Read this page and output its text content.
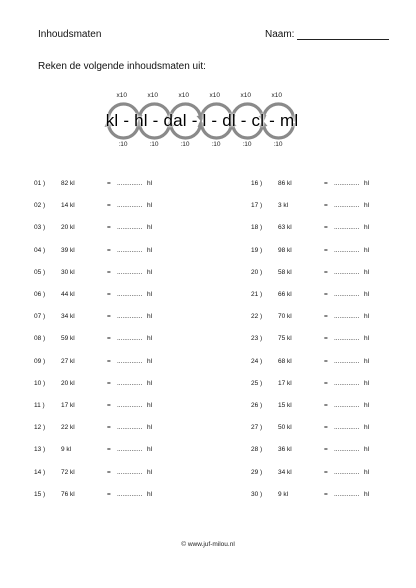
Inhoudsmaten	Naam:
Reken de volgende inhoudsmaten uit:
kl - hl - dal - l - dl - cl - ml
x10
:10
x10
:10
x10
:10
x10
:10
x10
:10
x10
:10
01 ) 82 kl	= .............. hl
02 ) 14 kl	= .............. hl
03 ) 20 kl	= .............. hl
04 ) 39 kl	= .............. hl
05 ) 30 kl	= .............. hl
06 ) 44 kl	= .............. hl
07 ) 34 kl	= .............. hl
08 ) 59 kl	= .............. hl
09 ) 27 kl	= .............. hl
10 ) 20 kl	= .............. hl
11 )	17 kl	= .............. hl
12 ) 22 kl	= .............. hl
13 ) 9 kl	= .............. hl
14 ) 72 kl	= .............. hl
15 ) 76 kl	= .............. hl
16 ) 86 kl	= .............. hl
17 ) 3 kl	= .............. hl
18 ) 63 kl	= .............. hl
19 ) 98 kl	= .............. hl
20 ) 58 kl	= .............. hl
21 ) 66 kl	= .............. hl
22 ) 70 kl	= .............. hl
23 ) 75 kl	= .............. hl
24 ) 68 kl	= .............. hl
25 ) 17 kl	= .............. hl
26 ) 15 kl	= .............. hl
27 ) 50 kl	= .............. hl
28 ) 36 kl	= .............. hl
29 ) 34 kl	= .............. hl
30 ) 9 kl	= .............. hl
© www.juf-milou.nl
